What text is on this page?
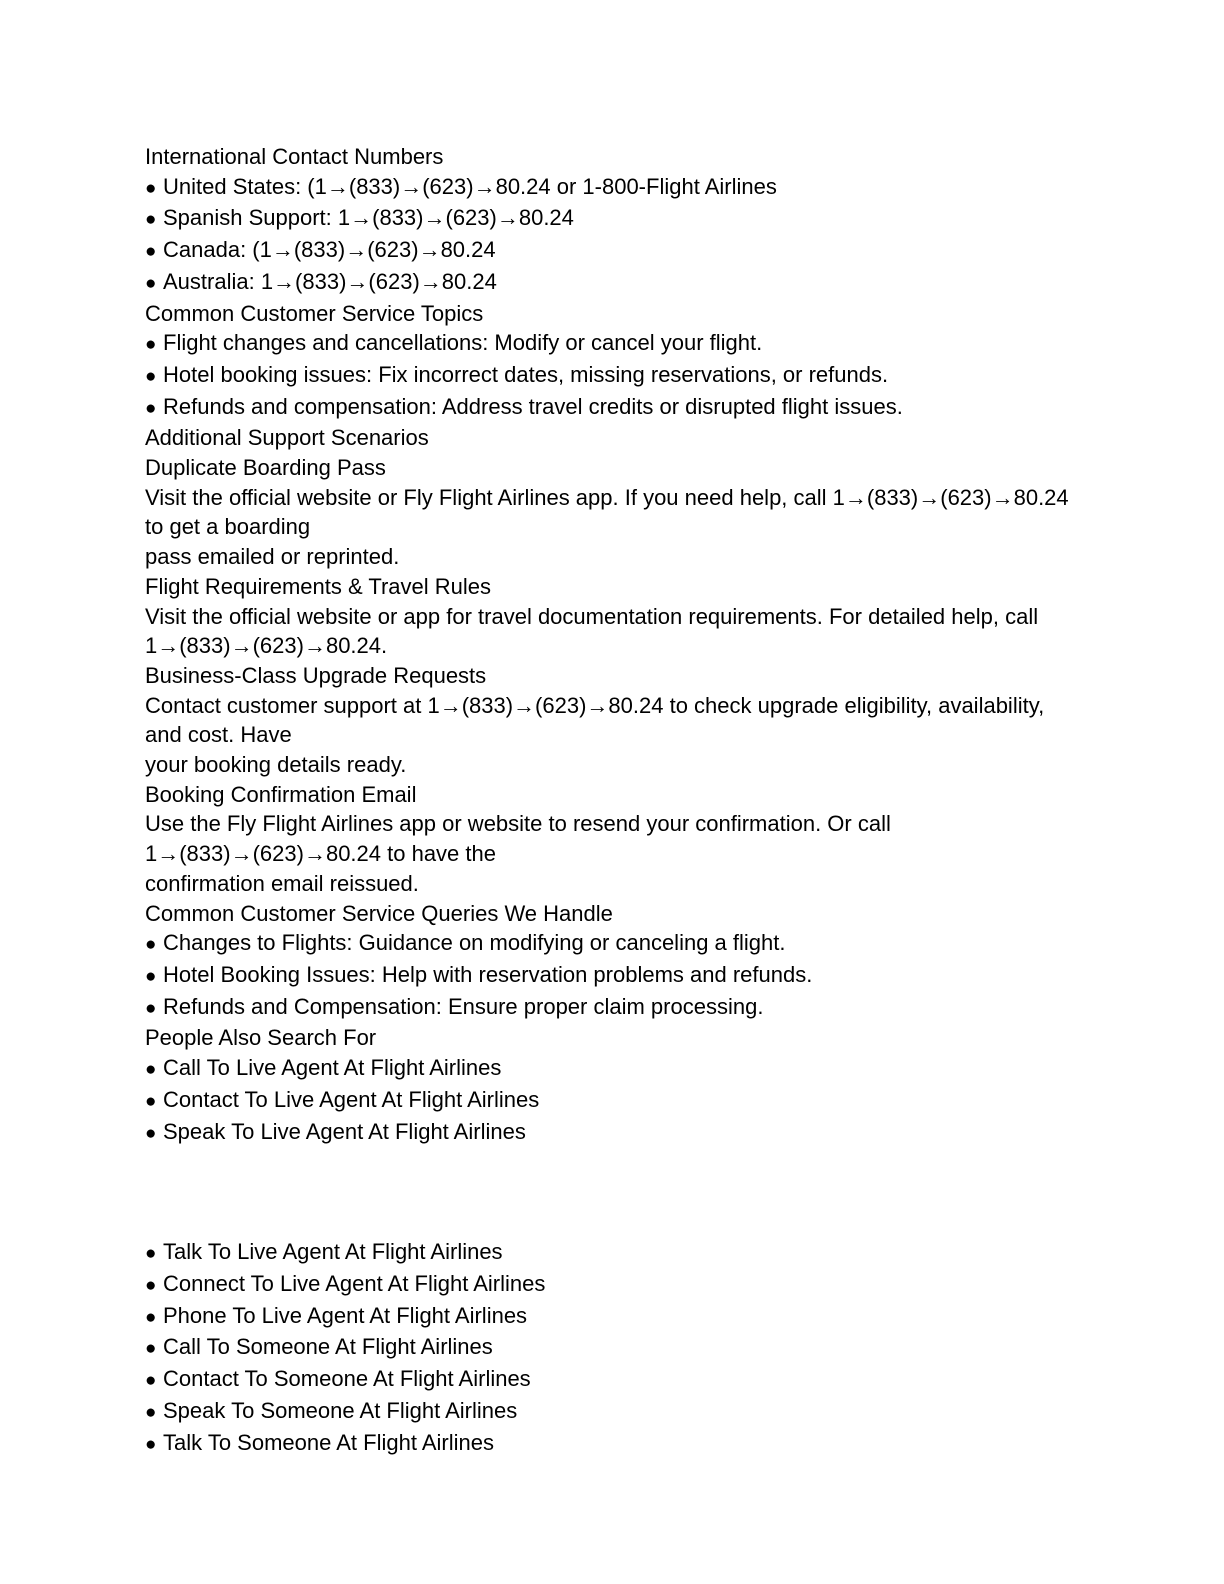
International Contact Numbers
● United States: (1→(833)→(623)→80.24 or 1-800-Flight Airlines
● Spanish Support: 1→(833)→(623)→80.24
● Canada: (1→(833)→(623)→80.24
● Australia: 1→(833)→(623)→80.24
Common Customer Service Topics
● Flight changes and cancellations: Modify or cancel your flight.
● Hotel booking issues: Fix incorrect dates, missing reservations, or refunds.
● Refunds and compensation: Address travel credits or disrupted flight issues.
Additional Support Scenarios
Duplicate Boarding Pass
Visit the official website or Fly Flight Airlines app. If you need help, call 1→(833)→(623)→80.24
to get a boarding
pass emailed or reprinted.
Flight Requirements & Travel Rules
Visit the official website or app for travel documentation requirements. For detailed help, call
1→(833)→(623)→80.24.
Business-Class Upgrade Requests
Contact customer support at 1→(833)→(623)→80.24 to check upgrade eligibility, availability,
and cost. Have
your booking details ready.
Booking Confirmation Email
Use the Fly Flight Airlines app or website to resend your confirmation. Or call
1→(833)→(623)→80.24 to have the
confirmation email reissued.
Common Customer Service Queries We Handle
● Changes to Flights: Guidance on modifying or canceling a flight.
● Hotel Booking Issues: Help with reservation problems and refunds.
● Refunds and Compensation: Ensure proper claim processing.
People Also Search For
● Call To Live Agent At Flight Airlines
● Contact To Live Agent At Flight Airlines
● Speak To Live Agent At Flight Airlines
● Talk To Live Agent At Flight Airlines
● Connect To Live Agent At Flight Airlines
● Phone To Live Agent At Flight Airlines
● Call To Someone At Flight Airlines
● Contact To Someone At Flight Airlines
● Speak To Someone At Flight Airlines
● Talk To Someone At Flight Airlines
